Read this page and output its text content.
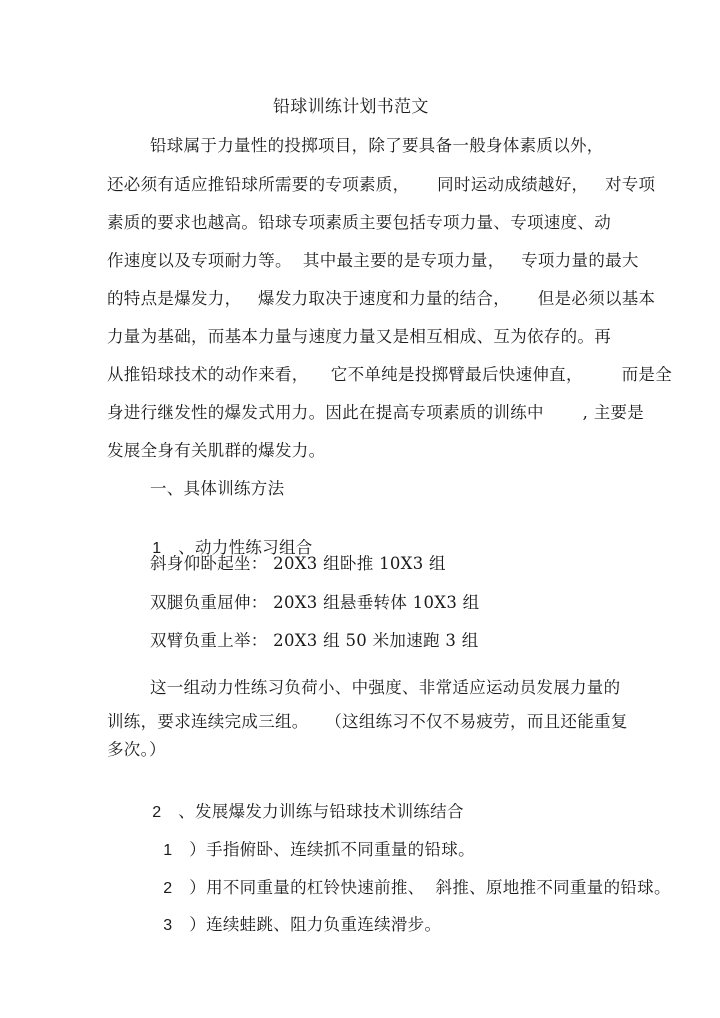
铅球训练计划书范文
铅球属于力量性的投掷项目，除了要具备一般身体素质以外，
还必须有适应推铅球所需要的专项素质，     同时运动成绩越好，   对专项
素质的要求也越高。铅球专项素质主要包括专项力量、专项速度、动
作速度以及专项耐力等。  其中最主要的是专项力量，   专项力量的最大
的特点是爆发力，   爆发力取决于速度和力量的结合，     但是必须以基本
力量为基础，而基本力量与速度力量又是相互相成、互为依存的。再
从推铅球技术的动作来看，    它不单纯是投掷臂最后快速伸直，       而是全
身进行继发性的爆发式用力。因此在提高专项素质的训练中       , 主要是
发展全身有关肌群的爆发力。
一、具体训练方法

1 、动力性练习组合

斜身仰卧起坐： 20X3 组卧推 10X3 组
双腿负重屈伸： 20X3 组悬垂转体 10X3 组
双臂负重上举： 20X3 组 50 米加速跑 3 组
这一组动力性练习负荷小、中强度、非常适应运动员发展力量的
训练，要求连续完成三组。   （这组练习不仅不易疲劳，而且还能重复
多次。）

2 、发展爆发力训练与铅球技术训练结合

1 ）手指俯卧、连续抓不同重量的铅球。

2 ）用不同重量的杠铃快速前推、  斜推、原地推不同重量的铅球。

3 ）连续蛙跳、阻力负重连续滑步。
